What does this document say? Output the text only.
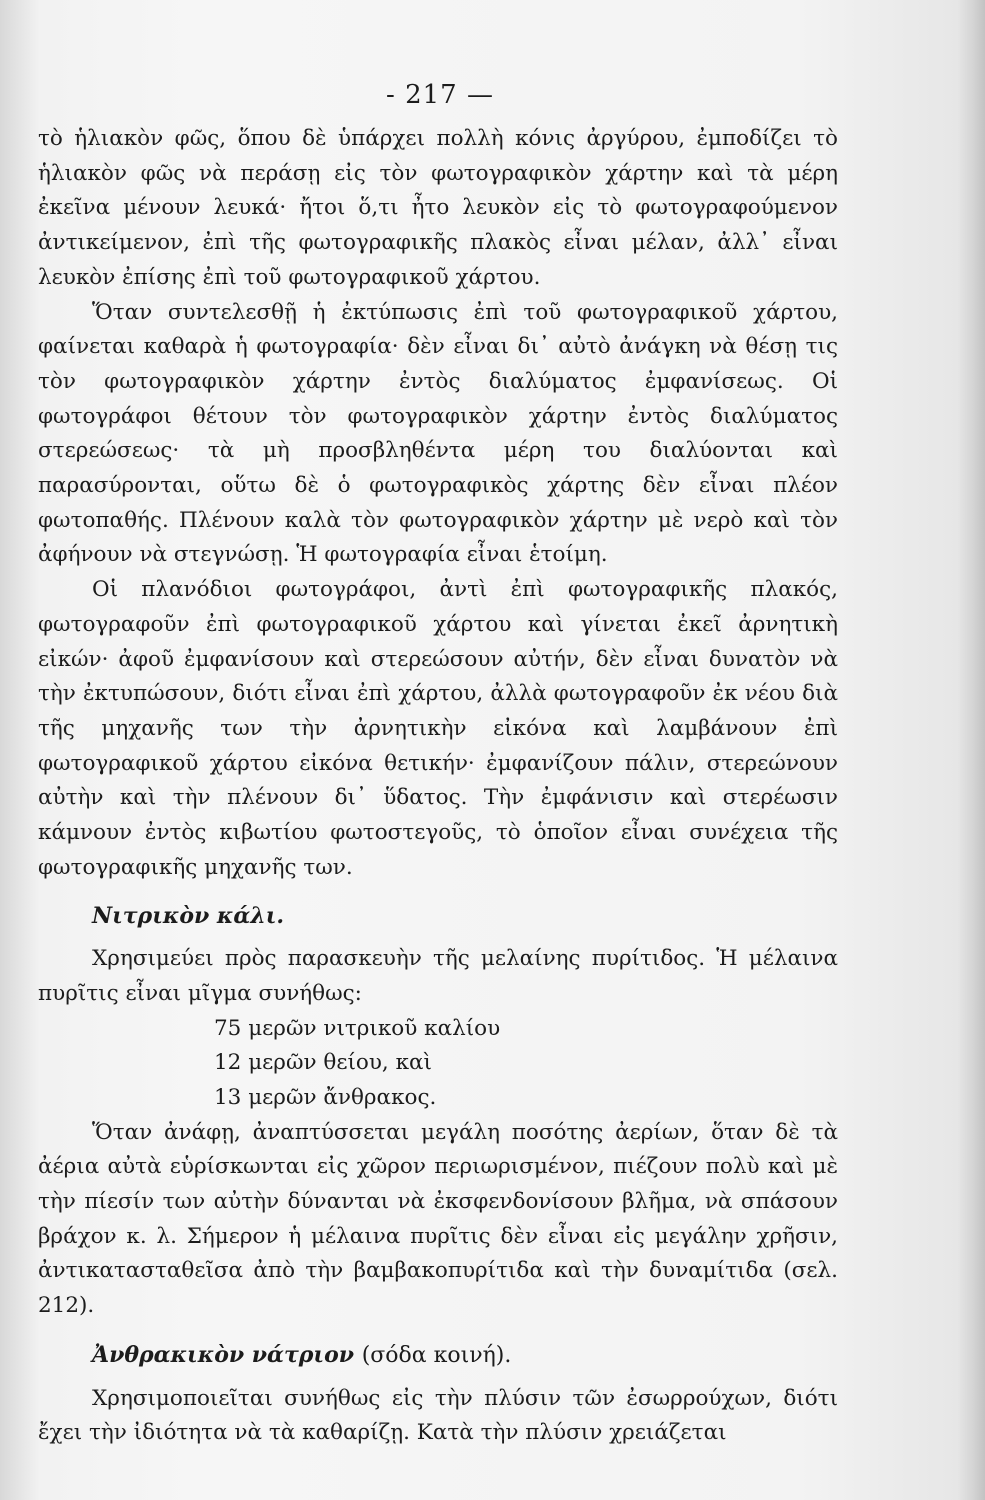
- 217 —

τὸ ἡλιακὸν φῶς, ὅπου δὲ ὑπάρχει πολλὴ κόνις ἀργύρου, ἐμποδίζει τὸ ἡλιακὸν φῶς νὰ περάσῃ εἰς τὸν φωτογραφικὸν χάρτην καὶ τὰ μέρη ἐκεῖνα μένουν λευκά· ἤτοι ὅ,τι ἦτο λευκὸν εἰς τὸ φωτογραφούμενον ἀντικείμενον, ἐπὶ τῆς φωτογραφικῆς πλακὸς εἶναι μέλαν, ἀλλ᾽ εἶναι λευκὸν ἐπίσης ἐπὶ τοῦ φωτογραφικοῦ χάρτου.

Ὅταν συντελεσθῇ ἡ ἐκτύπωσις ἐπὶ τοῦ φωτογραφικοῦ χάρτου, φαίνεται καθαρὰ ἡ φωτογραφία· δὲν εἶναι δι᾽ αὐτὸ ἀνάγκη νὰ θέσῃ τις τὸν φωτογραφικὸν χάρτην ἐντὸς διαλύματος ἐμφανίσεως. Οἱ φωτογράφοι θέτουν τὸν φωτογραφικὸν χάρτην ἐντὸς διαλύματος στερεώσεως· τὰ μὴ προσβληθέντα μέρη του διαλύονται καὶ παρασύρονται, οὕτω δὲ ὁ φωτογραφικὸς χάρτης δὲν εἶναι πλέον φωτοπαθής. Πλένουν καλὰ τὸν φωτογραφικὸν χάρτην μὲ νερὸ καὶ τὸν ἀφήνουν νὰ στεγνώσῃ. Ἡ φωτογραφία εἶναι ἑτοίμη.

Οἱ πλανόδιοι φωτογράφοι, ἀντὶ ἐπὶ φωτογραφικῆς πλακός, φωτογραφοῦν ἐπὶ φωτογραφικοῦ χάρτου καὶ γίνεται ἐκεῖ ἀρνητικὴ εἰκών· ἀφοῦ ἐμφανίσουν καὶ στερεώσουν αὐτήν, δὲν εἶναι δυνατὸν νὰ τὴν ἐκτυπώσουν, διότι εἶναι ἐπὶ χάρτου, ἀλλὰ φωτογραφοῦν ἐκ νέου διὰ τῆς μηχανῆς των τὴν ἀρνητικὴν εἰκόνα καὶ λαμβάνουν ἐπὶ φωτογραφικοῦ χάρτου εἰκόνα θετικήν· ἐμφανίζουν πάλιν, στερεώνουν αὐτὴν καὶ τὴν πλένουν δι᾽ ὕδατος. Τὴν ἐμφάνισιν καὶ στερέωσιν κάμνουν ἐντὸς κιβωτίου φωτοστεγοῦς, τὸ ὁποῖον εἶναι συνέχεια τῆς φωτογραφικῆς μηχανῆς των.

Νιτρικὸν κάλι.

Χρησιμεύει πρὸς παρασκευὴν τῆς μελαίνης πυρίτιδος. Ἡ μέλαινα πυρῖτις εἶναι μῖγμα συνήθως:

75 μερῶν νιτρικοῦ καλίου
12 μερῶν θείου, καὶ
13 μερῶν ἄνθρακος.

Ὅταν ἀνάφῃ, ἀναπτύσσεται μεγάλη ποσότης ἀερίων, ὅταν δὲ τὰ ἀέρια αὐτὰ εὑρίσκωνται εἰς χῶρον περιωρισμένον, πιέζουν πολὺ καὶ μὲ τὴν πίεσίν των αὐτὴν δύνανται νὰ ἐκσφενδονίσουν βλῆμα, νὰ σπάσουν βράχον κ. λ. Σήμερον ἡ μέλαινα πυρῖτις δὲν εἶναι εἰς μεγάλην χρῆσιν, ἀντικατασταθεῖσα ἀπὸ τὴν βαμβακοπυρίτιδα καὶ τὴν δυναμίτιδα (σελ. 212).

Ἀνθρακικὸν νάτριον (σόδα κοινή).

Χρησιμοποιεῖται συνήθως εἰς τὴν πλύσιν τῶν ἐσωρρούχων, διότι ἔχει τὴν ἰδιότητα νὰ τὰ καθαρίζῃ. Κατὰ τὴν πλύσιν χρειάζεται
